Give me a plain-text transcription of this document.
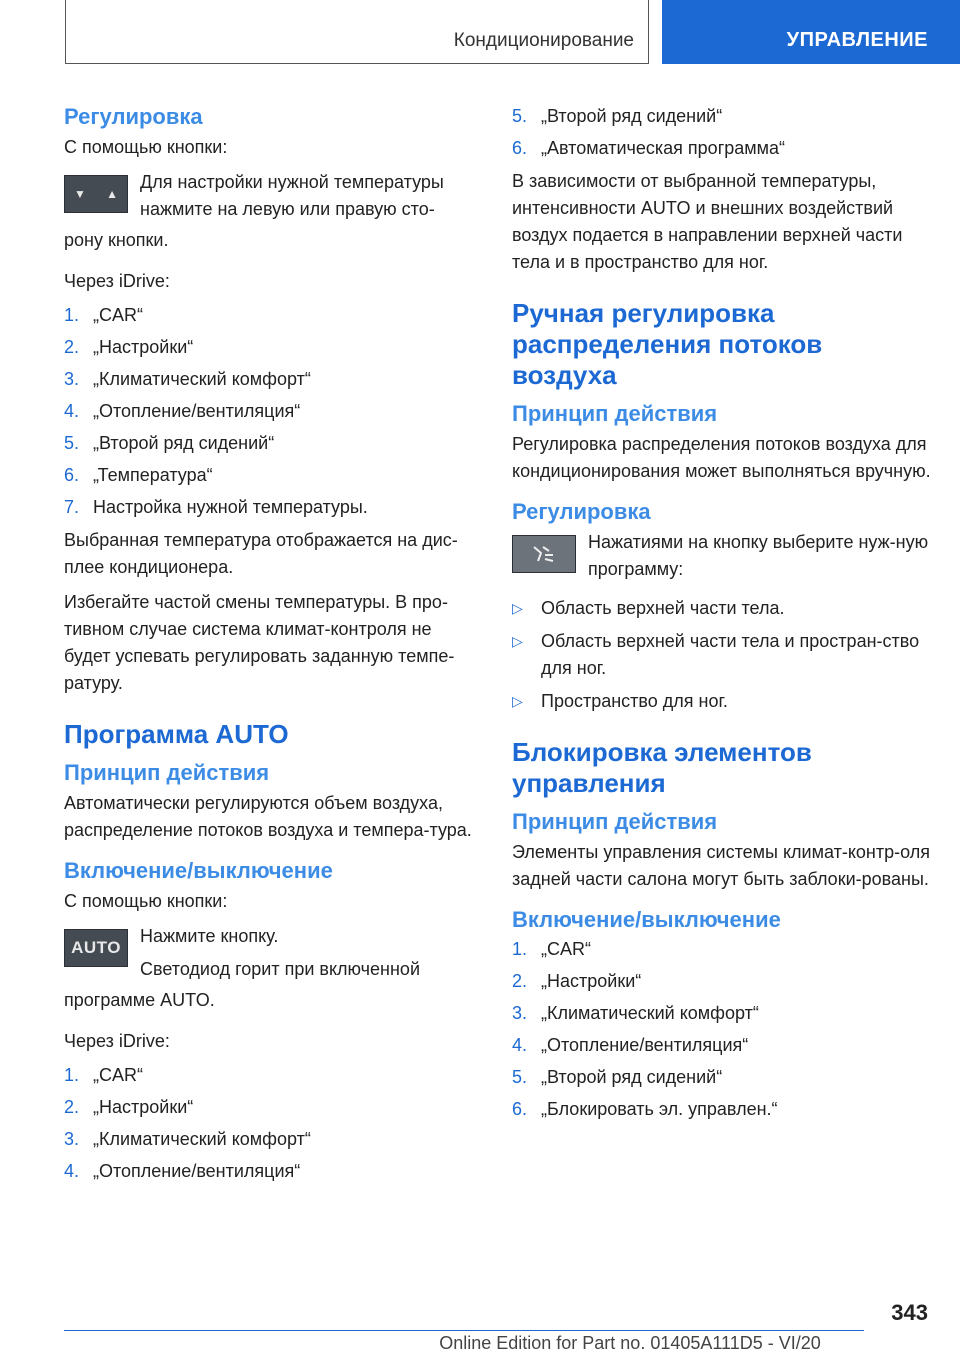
Кондиционирование	УПРАВЛЕНИЕ
Регулировка
С помощью кнопки:
▼ ▲
Для настройки нужной температуры нажмите на левую или правую сто-
рону кнопки.
Через iDrive:
1. „CAR“
2. „Настройки“
3. „Климатический комфорт“
4. „Отопление/вентиляция“
5. „Второй ряд сидений“
6. „Температура“
7. Настройка нужной температуры.
Выбранная температура отображается на дис-плее кондиционера.
Избегайте частой смены температуры. В про-тивном случае система климат-контроля не будет успевать регулировать заданную темпе-ратуру.
Программа AUTO
Принцип действия
Автоматически регулируются объем воздуха, распределение потоков воздуха и темпера-тура.
Включение/выключение
С помощью кнопки:
AUTO
Нажмите кнопку.
Светодиод горит при включенной
программе AUTO.
Через iDrive:
1. „CAR“
2. „Настройки“
3. „Климатический комфорт“
4. „Отопление/вентиляция“
5. „Второй ряд сидений“
6. „Автоматическая программа“
В зависимости от выбранной температуры, интенсивности AUTO и внешних воздействий воздух подается в направлении верхней части тела и в пространство для ног.
Ручная регулировка распределения потоков воздуха
Принцип действия
Регулировка распределения потоков воздуха для кондиционирования может выполняться вручную.
Регулировка
Нажатиями на кнопку выберите нуж-ную программу:
▷ Область верхней части тела.
▷ Область верхней части тела и простран-ство для ног.
▷ Пространство для ног.
Блокировка элементов управления
Принцип действия
Элементы управления системы климат-контр-оля задней части салона могут быть заблоки-рованы.
Включение/выключение
1. „CAR“
2. „Настройки“
3. „Климатический комфорт“
4. „Отопление/вентиляция“
5. „Второй ряд сидений“
6. „Блокировать эл. управлен.“
343
Online Edition for Part no. 01405A111D5 - VI/20
